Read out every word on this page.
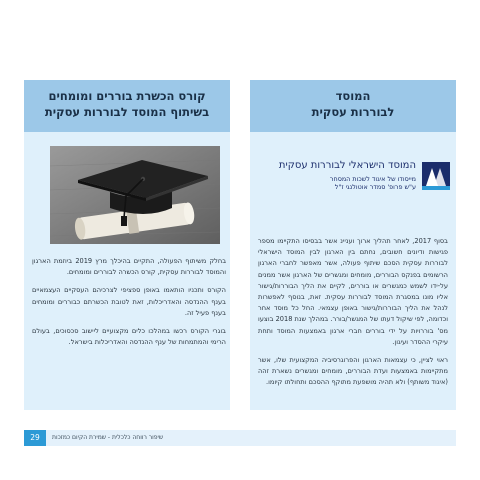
קורס הכשרת בוררים ומומחים
בשיתוף המוסד לבוררות עסקית

בחלק משיתוף הפעולה, התקיים בהיכלך מרץ 2019 ביוזמת הארגון והמוסד לבוררות עסקית, קורס הכשרה לבוררים ומומחים.

הקורס ותכניו הותאמו באופן ספציפי לצרכיהם העסקיים העצמאיים בענף ההנדסה והאדריכלות, זאת לטובת הכשרתם כבוררים ומומחים בענף פעיל זה.

בוגרי הקורס רכשו במהלכו כלים מקצועיים ליישוב סכסוכים, בעולם הרימי והמתמחות של ענף ההנדסה והאדריכלות בישראל.

המוסד
לבוררות עסקית
המוסד הישראלי לבוררות עסקית
מייסודו של איגוד לשכות המסחר
ע"ש פרופ' סמדר אוטולנגי ז"ל

בסוף 2017, לאחר תהליך ארוך ועניינ אשר בבסיסו התקיימו מספר פגישות ודיונים חשובים, נחתם בין הארגון לבין המוסד הישראלי לבוררות עסקית הסכם שיתוף פעולה, אשר מאפשר לחברי הארגון הרשומים בפנקס הבוררים, מומחים ומגשרים של הארגון אשר ממנים על-ידו לשמש כמגשרים או בוררים, לקיים את הליך הבוררות/גישור אליו מונו במסגרת המוסד לבוררות עסקית. זאת, בנוסף לאפשרות לנהל את הליך הבוררות/גישור באופן עצמאי. החל כל מוסד אחר וכדומה, לפי שיקול דעתו של המגשר/בורר. במהלך שנת 2018 בוצעו מס' בוררויות על ידי בוררים חברי ארגון באמצעות המוסד ותחת עיקרי ההסדר ועיגון.

ראוי לציין, כי עצמאות הארגון והפרוגרסיביה המקצועית שלו, אשר מתקיימות באמצעות ועדת הבוררים, מומחים ומגשרים נשארת זהה (איגוד משותף) ולא תהיה מושפעת מתוקף ההסכם ותחולתו קיומו.

29	שיפור רווחה כלכלית - שמירת הקיום כמזכות
